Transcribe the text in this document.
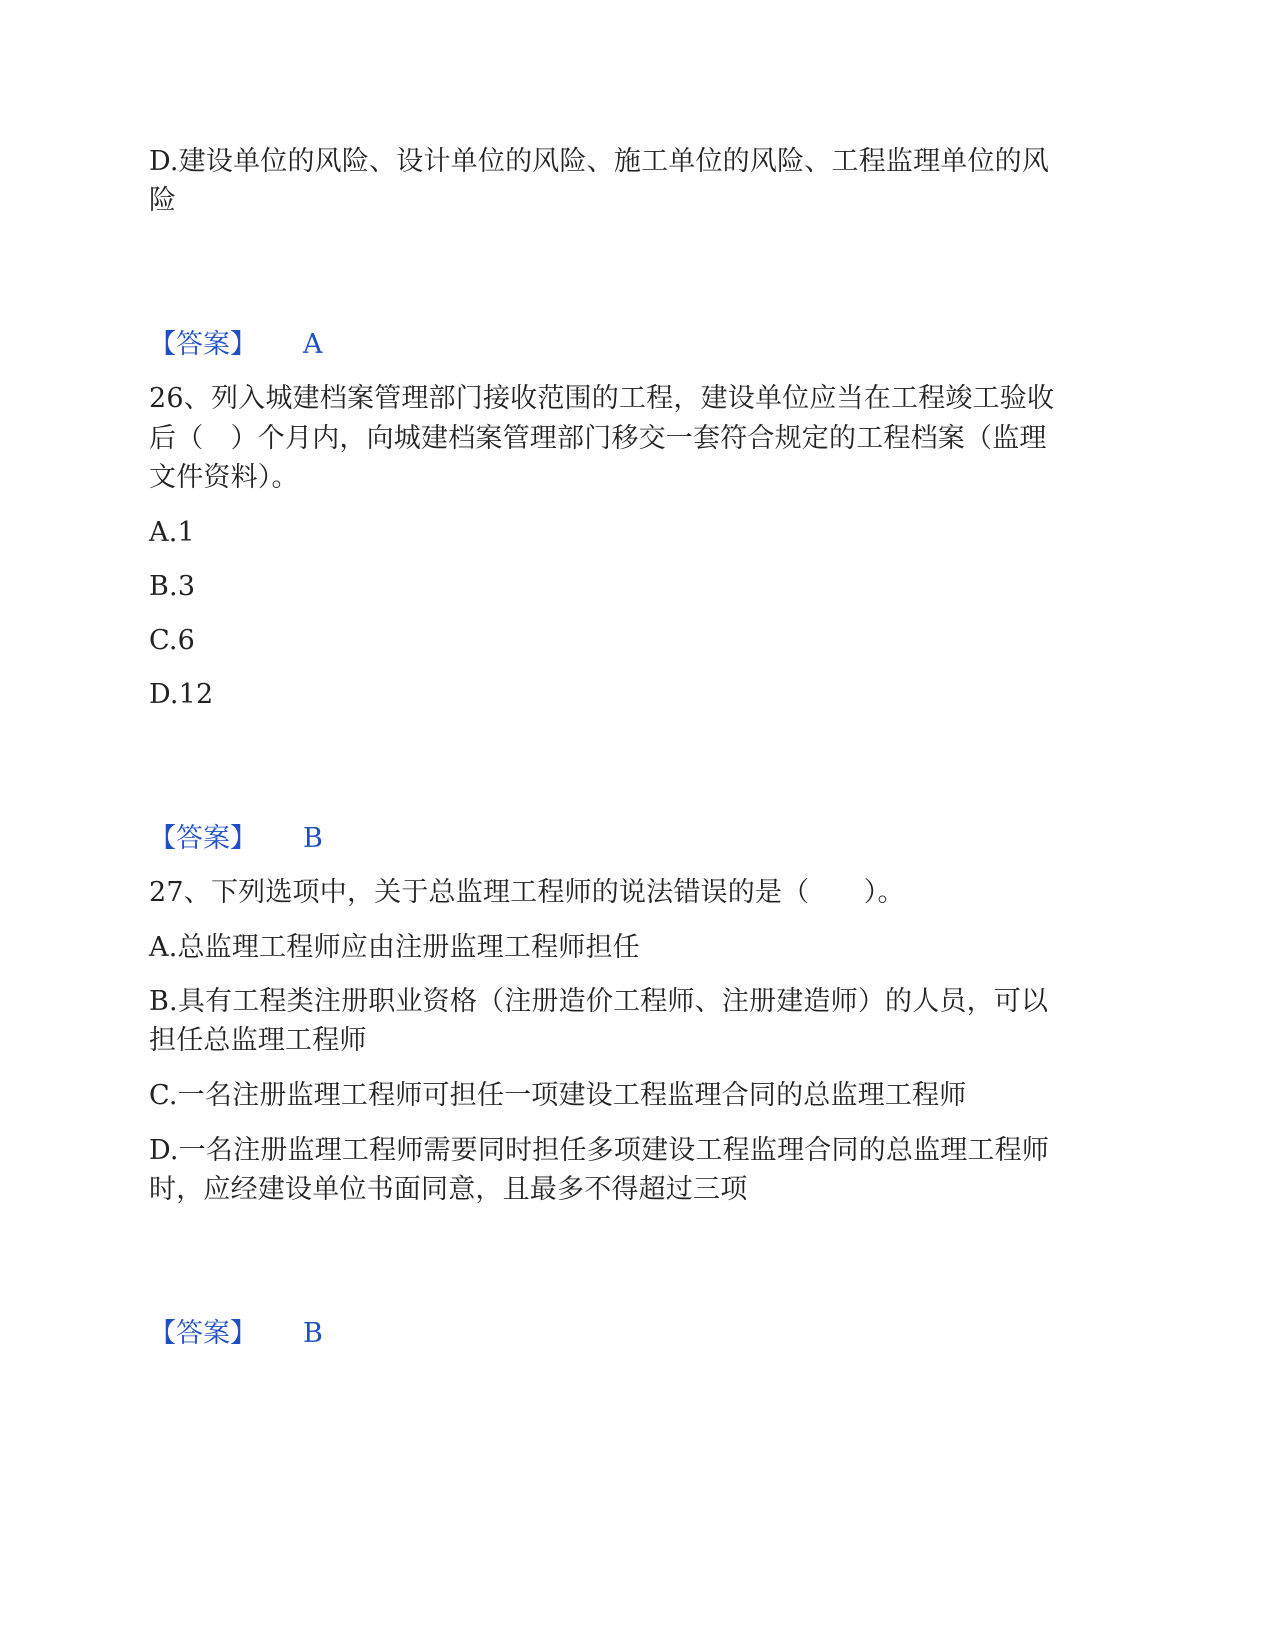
D.建设单位的风险、设计单位的风险、施工单位的风险、工程监理单位的风
险
【答案】 A
26、列入城建档案管理部门接收范围的工程，建设单位应当在工程竣工验收
后（　）个月内，向城建档案管理部门移交一套符合规定的工程档案（监理
文件资料）。
A.1
B.3
C.6
D.12
【答案】 B
27、下列选项中，关于总监理工程师的说法错误的是（　　）。
A.总监理工程师应由注册监理工程师担任
B.具有工程类注册职业资格（注册造价工程师、注册建造师）的人员，可以
担任总监理工程师
C.一名注册监理工程师可担任一项建设工程监理合同的总监理工程师
D.一名注册监理工程师需要同时担任多项建设工程监理合同的总监理工程师
时，应经建设单位书面同意，且最多不得超过三项
【答案】 B
